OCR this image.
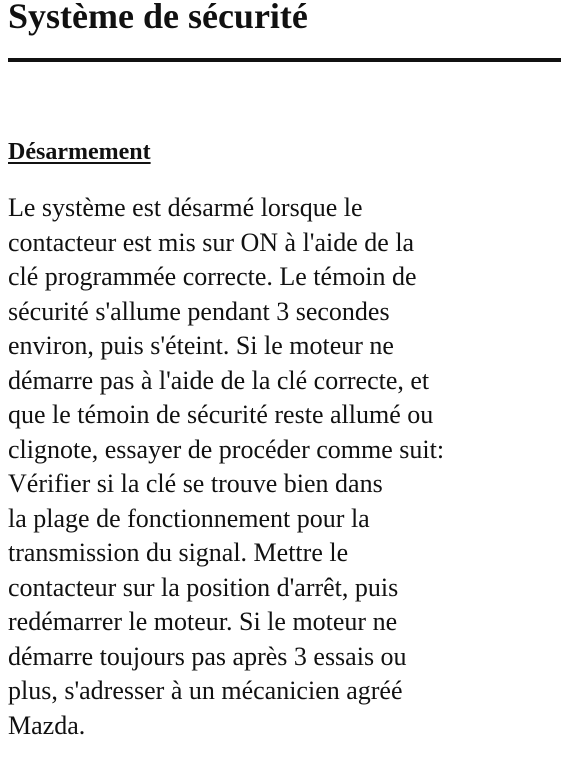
Système de sécurité
Désarmement

Le système est désarmé lorsque le
contacteur est mis sur ON à l'aide de la
clé programmée correcte. Le témoin de
sécurité s'allume pendant 3 secondes
environ, puis s'éteint. Si le moteur ne
démarre pas à l'aide de la clé correcte, et
que le témoin de sécurité reste allumé ou
clignote, essayer de procéder comme suit:
Vérifier si la clé se trouve bien dans
la plage de fonctionnement pour la
transmission du signal. Mettre le
contacteur sur la position d'arrêt, puis
redémarrer le moteur. Si le moteur ne
démarre toujours pas après 3 essais ou
plus, s'adresser à un mécanicien agréé
Mazda.
